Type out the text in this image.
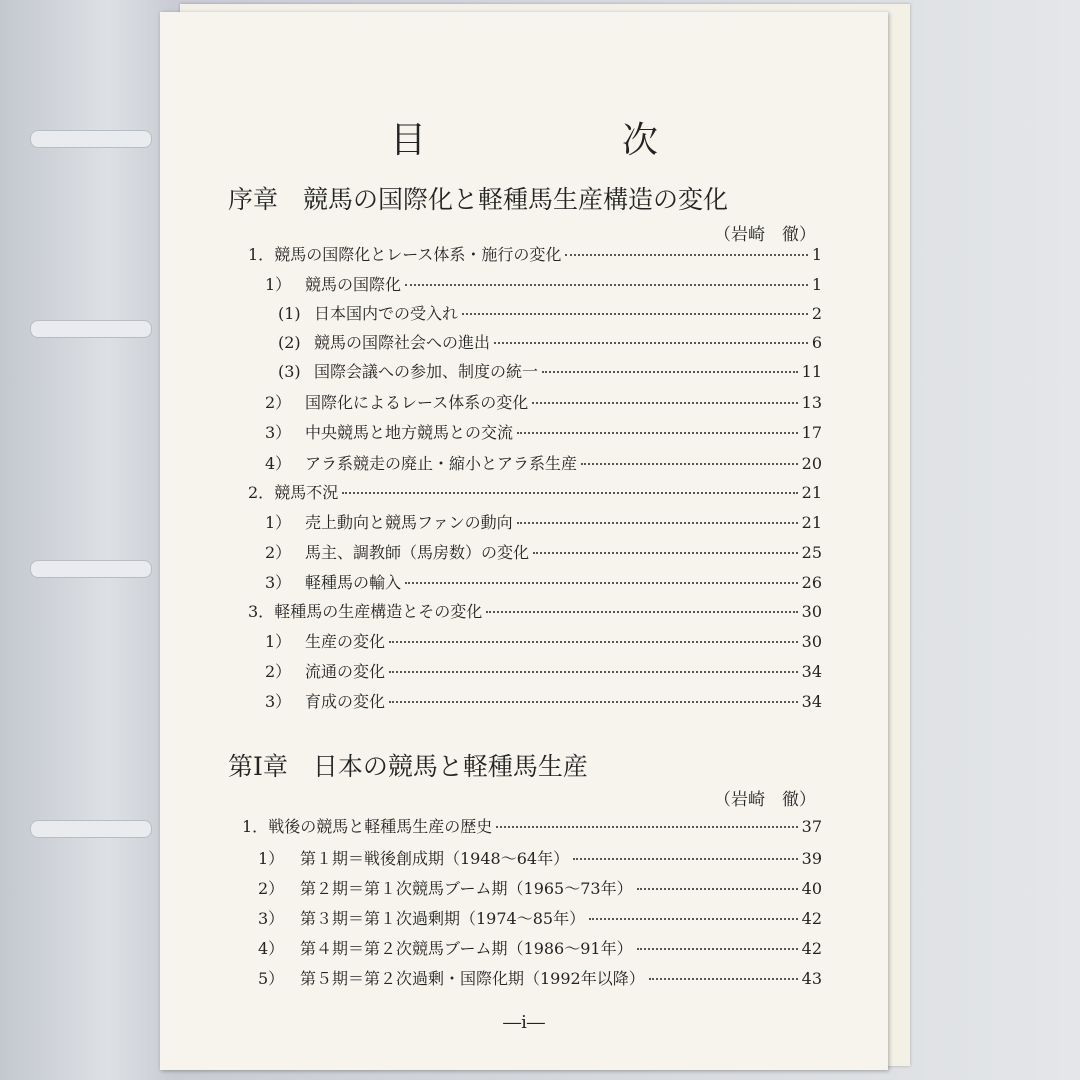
目　次
序章　競馬の国際化と軽種馬生産構造の変化
（岩崎　徹）
1． 競馬の国際化とレース体系・施行の変化	1
1） 競馬の国際化	1
(1) 日本国内での受入れ	2
(2) 競馬の国際社会への進出	6
(3) 国際会議への参加、制度の統一	11
2） 国際化によるレース体系の変化	13
3） 中央競馬と地方競馬との交流	17
4） アラ系競走の廃止・縮小とアラ系生産	20
2． 競馬不況	21
1） 売上動向と競馬ファンの動向	21
2） 馬主、調教師（馬房数）の変化	25
3） 軽種馬の輸入	26
3． 軽種馬の生産構造とその変化	30
1） 生産の変化	30
2） 流通の変化	34
3） 育成の変化	34
第Ⅰ章　日本の競馬と軽種馬生産
（岩崎　徹）
1． 戦後の競馬と軽種馬生産の歴史	37
1） 第１期＝戦後創成期（1948～64年）	39
2） 第２期＝第１次競馬ブーム期（1965～73年）	40
3） 第３期＝第１次過剰期（1974～85年）	42
4） 第４期＝第２次競馬ブーム期（1986～91年）	42
5） 第５期＝第２次過剰・国際化期（1992年以降）	43
―ⅰ―
